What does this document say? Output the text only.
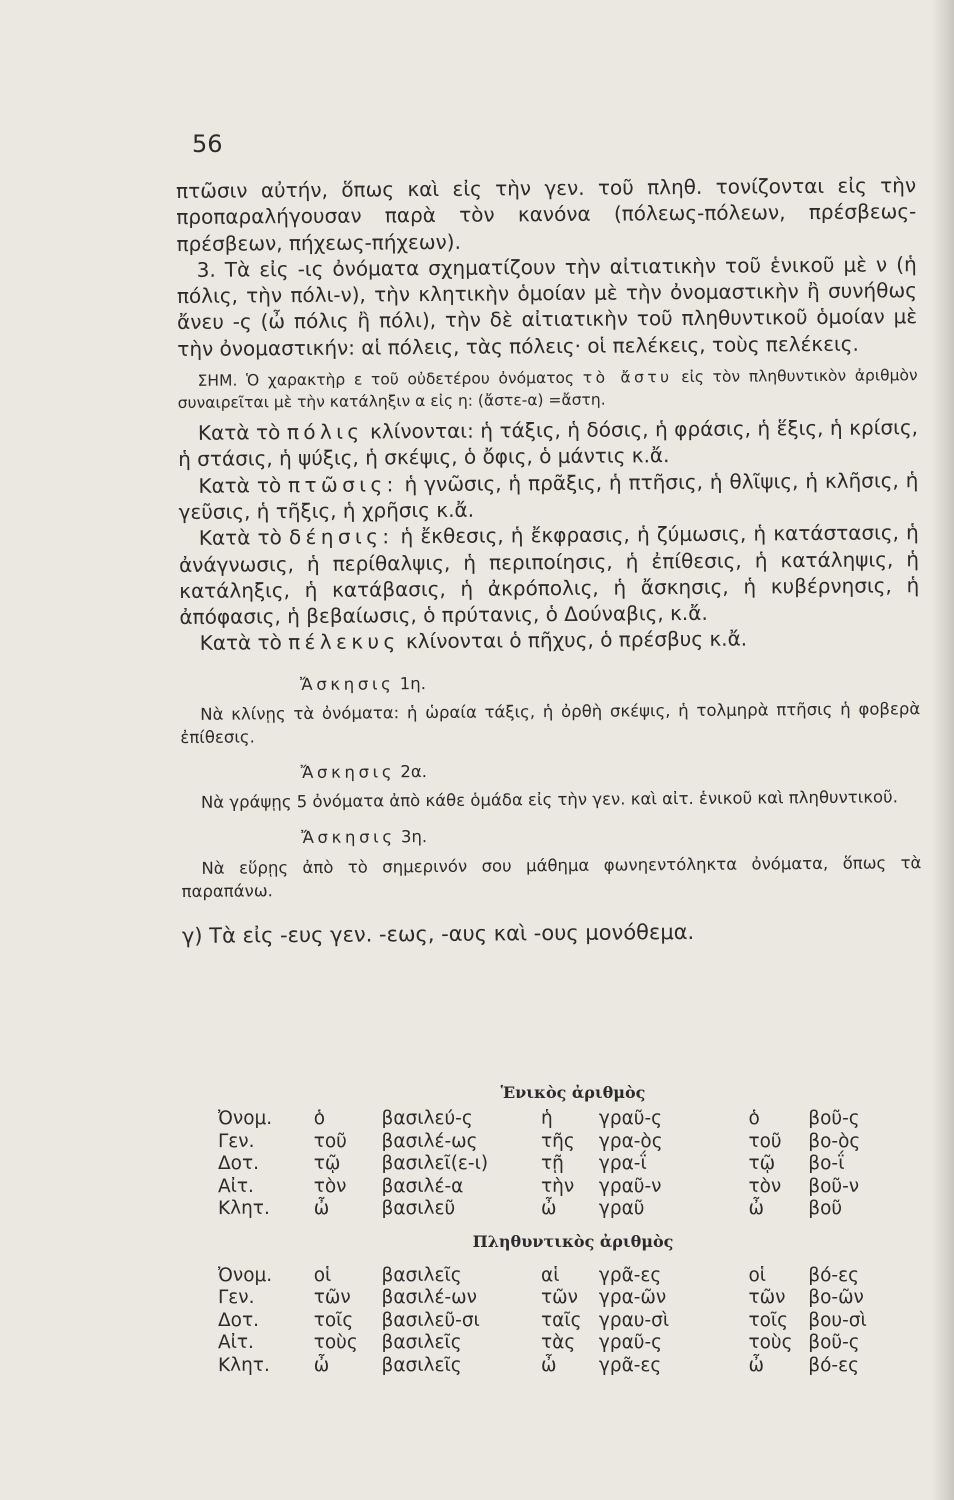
56

πτῶσιν αὐτήν, ὅπως καὶ εἰς τὴν γεν. τοῦ πληθ. τονίζονται εἰς τὴν προπαραλήγουσαν παρὰ τὸν κανόνα (πόλεως-πόλεων, πρέσβεως-πρέσβεων, πήχεως-πήχεων).

3. Τὰ εἰς -ις ὀνόματα σχηματίζουν τὴν αἰτιατικὴν τοῦ ἑνικοῦ μὲ ν (ἡ πόλις, τὴν πόλι-ν), τὴν κλητικὴν ὁμοίαν μὲ τὴν ὀνομαστικὴν ἢ συνήθως ἄνευ -ς (ὦ πόλις ἢ πόλι), τὴν δὲ αἰτιατικὴν τοῦ πληθυντικοῦ ὁμοίαν μὲ τὴν ὀνομαστικήν: αἱ πόλεις, τὰς πόλεις· οἱ πελέκεις, τοὺς πελέκεις.

ΣΗΜ. Ὁ χαρακτὴρ ε τοῦ οὐδετέρου ὀνόματος τὸ ἄστυ εἰς τὸν πληθυντικὸν ἀριθμὸν συναιρεῖται μὲ τὴν κατάληξιν α εἰς η: (ἄστε-α) =ἄστη.

Κατὰ τὸ πόλις κλίνονται: ἡ τάξις, ἡ δόσις, ἡ φράσις, ἡ ἕξις, ἡ κρίσις, ἡ στάσις, ἡ ψύξις, ἡ σκέψις, ὁ ὄφις, ὁ μάντις κ.ἄ.

Κατὰ τὸ πτῶσις: ἡ γνῶσις, ἡ πρᾶξις, ἡ πτῆσις, ἡ θλῖψις, ἡ κλῆσις, ἡ γεῦσις, ἡ τῆξις, ἡ χρῆσις κ.ἄ.

Κατὰ τὸ δέησις: ἡ ἔκθεσις, ἡ ἔκφρασις, ἡ ζύμωσις, ἡ κατάστασις, ἡ ἀνάγνωσις, ἡ περίθαλψις, ἡ περιποίησις, ἡ ἐπίθεσις, ἡ κατάληψις, ἡ κατάληξις, ἡ κατάβασις, ἡ ἀκρόπολις, ἡ ἄσκησις, ἡ κυβέρνησις, ἡ ἀπόφασις, ἡ βεβαίωσις, ὁ πρύτανις, ὁ Δούναβις, κ.ἄ.

Κατὰ τὸ πέλεκυς κλίνονται ὁ πῆχυς, ὁ πρέσβυς κ.ἄ.

Ἄσκησις 1η.

Νὰ κλίνῃς τὰ ὀνόματα: ἡ ὡραία τάξις, ἡ ὀρθὴ σκέψις, ἡ τολμηρὰ πτῆσις ἡ φοβερὰ ἐπίθεσις.

Ἄσκησις 2α.

Νὰ γράψῃς 5 ὀνόματα ἀπὸ κάθε ὁμάδα εἰς τὴν γεν. καὶ αἰτ. ἑνικοῦ καὶ πληθυντικοῦ.

Ἄσκησις 3η.

Νὰ εὕρῃς ἀπὸ τὸ σημερινόν σου μάθημα φωνηεντόληκτα ὀνόματα, ὅπως τὰ παραπάνω.

γ) Τὰ εἰς -ευς γεν. -εως, -αυς καὶ -ους μονόθεμα.

Ἑνικὸς ἀριθμὸς
Ὀνομ.	ὁ	βασιλεύ-ς	ἡ	γραῦ-ς	ὁ	βοῦ-ς
Γεν.	τοῦ	βασιλέ-ως	τῆς	γρα-ὸς	τοῦ	βο-ὸς
Δοτ.	τῷ	βασιλεῖ(ε-ι)	τῇ	γρα-ΐ	τῷ	βο-ΐ
Αἰτ.	τὸν	βασιλέ-α	τὴν	γραῦ-ν	τὸν	βοῦ-ν
Κλητ.	ὦ	βασιλεῦ	ὦ	γραῦ	ὦ	βοῦ
Πληθυντικὸς ἀριθμὸς
Ὀνομ.	οἱ	βασιλεῖς	αἱ	γρᾶ-ες	οἱ	βό-ες
Γεν.	τῶν	βασιλέ-ων	τῶν	γρα-ῶν	τῶν	βο-ῶν
Δοτ.	τοῖς	βασιλεῦ-σι	ταῖς γραυ-σὶ	τοῖς	βου-σὶ
Αἰτ.	τοὺς	βασιλεῖς	τὰς	γραῦ-ς	τοὺς βοῦ-ς
Κλητ.	ὦ	βασιλεῖς	ὦ	γρᾶ-ες	ὦ	βό-ες
